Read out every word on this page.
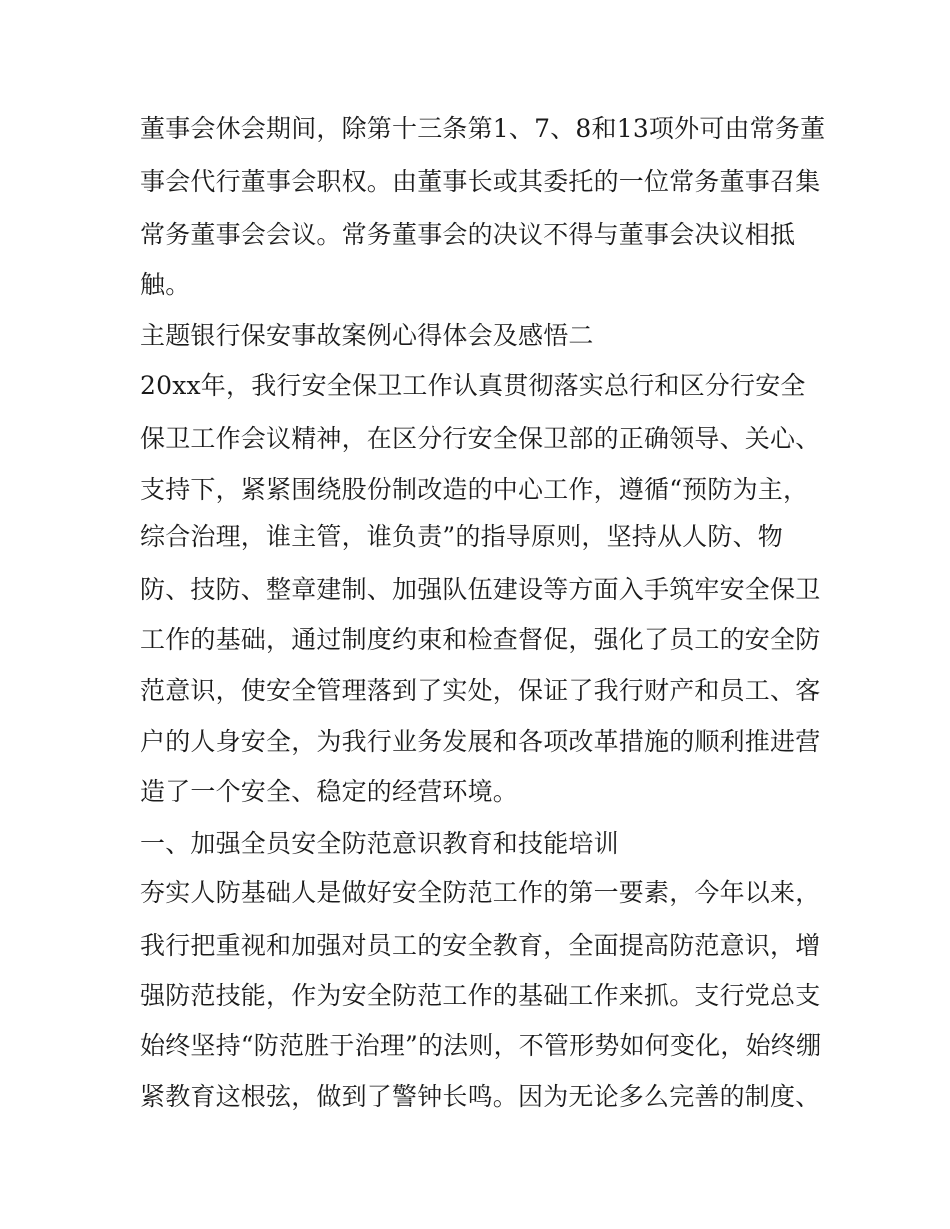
董事会休会期间，除第十三条第1、7、8和13项外可由常务董
事会代行董事会职权。由董事长或其委托的一位常务董事召集
常务董事会会议。常务董事会的决议不得与董事会决议相抵
触。
主题银行保安事故案例心得体会及感悟二
20xx年，我行安全保卫工作认真贯彻落实总行和区分行安全
保卫工作会议精神，在区分行安全保卫部的正确领导、关心、
支持下，紧紧围绕股份制改造的中心工作，遵循“预防为主，
综合治理，谁主管，谁负责”的指导原则，坚持从人防、物
防、技防、整章建制、加强队伍建设等方面入手筑牢安全保卫
工作的基础，通过制度约束和检查督促，强化了员工的安全防
范意识，使安全管理落到了实处，保证了我行财产和员工、客
户的人身安全，为我行业务发展和各项改革措施的顺利推进营
造了一个安全、稳定的经营环境。
一、加强全员安全防范意识教育和技能培训
夯实人防基础人是做好安全防范工作的第一要素，今年以来，
我行把重视和加强对员工的安全教育，全面提高防范意识，增
强防范技能，作为安全防范工作的基础工作来抓。支行党总支
始终坚持“防范胜于治理”的法则，不管形势如何变化，始终绷
紧教育这根弦，做到了警钟长鸣。因为无论多么完善的制度、
